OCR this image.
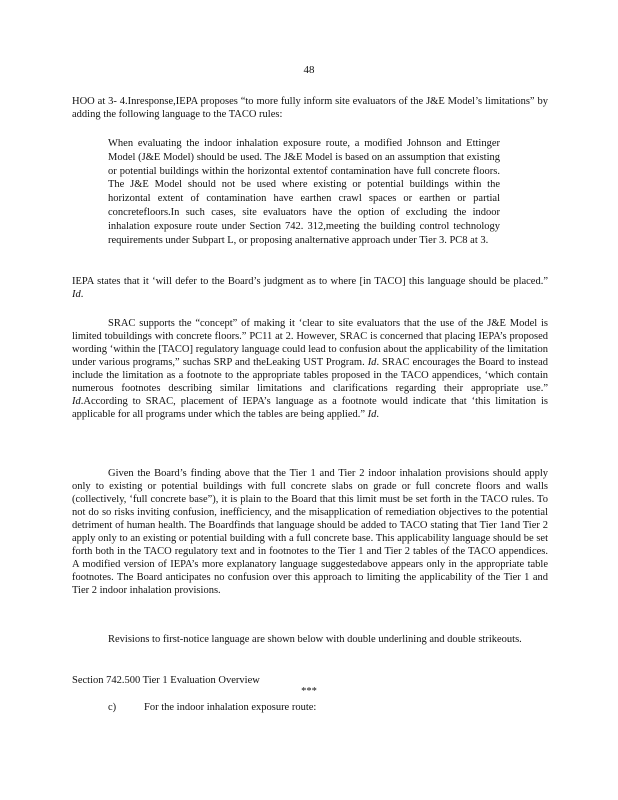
48

HOO at 3- 4.Inresponse,IEPA proposes “to more fully inform site evaluators of the J&E Model’s limitations” by adding the following language to the TACO rules:

When evaluating the indoor inhalation exposure route, a modified Johnson and Ettinger Model (J&E Model) should be used. The J&E Model is based on an assumption that existing or potential buildings within the horizontal extentof contamination have full concrete floors. The J&E Model should not be used where existing or potential buildings within the horizontal extent of contamination have earthen crawl spaces or earthen or partial concretefloors.In such cases, site evaluators have the option of excluding the indoor inhalation exposure route under Section 742. 312,meeting the building control technology requirements under Subpart L, or proposing analternative approach under Tier 3. PC8 at 3.

IEPA states that it ‘will defer to the Board’s judgment as to where [in TACO] this language should be placed.” Id.

SRAC supports the “concept” of making it ‘clear to site evaluators that the use of the J&E Model is limited tobuildings with concrete floors.” PC11 at 2. However, SRAC is concerned that placing IEPA’s proposed wording ‘within the [TACO] regulatory language could lead to confusion about the applicability of the limitation under various programs,” suchas SRP and theLeaking UST Program. Id. SRAC encourages the Board to instead include the limitation as a footnote to the appropriate tables proposed in the TACO appendices, ‘which contain numerous footnotes describing similar limitations and clarifications regarding their appropriate use.” Id.According to SRAC, placement of IEPA’s language as a footnote would indicate that ‘this limitation is applicable for all programs under which the tables are being applied.” Id.

Given the Board’s finding above that the Tier 1 and Tier 2 indoor inhalation provisions should apply only to existing or potential buildings with full concrete slabs on grade or full concrete floors and walls (collectively, ‘full concrete base”), it is plain to the Board that this limit must be set forth in the TACO rules. To not do so risks inviting confusion, inefficiency, and the misapplication of remediation objectives to the potential detriment of human health. The Boardfinds that language should be added to TACO stating that Tier 1and Tier 2 apply only to an existing or potential building with a full concrete base. This applicability language should be set forth both in the TACO regulatory text and in footnotes to the Tier 1 and Tier 2 tables of the TACO appendices. A modified version of IEPA’s more explanatory language suggestedabove appears only in the appropriate table footnotes. The Board anticipates no confusion over this approach to limiting the applicability of the Tier 1 and Tier 2 indoor inhalation provisions.

Revisions to first-notice language are shown below with double underlining and double strikeouts.

Section 742.500 Tier 1 Evaluation Overview
***
c)	For the indoor inhalation exposure route:
